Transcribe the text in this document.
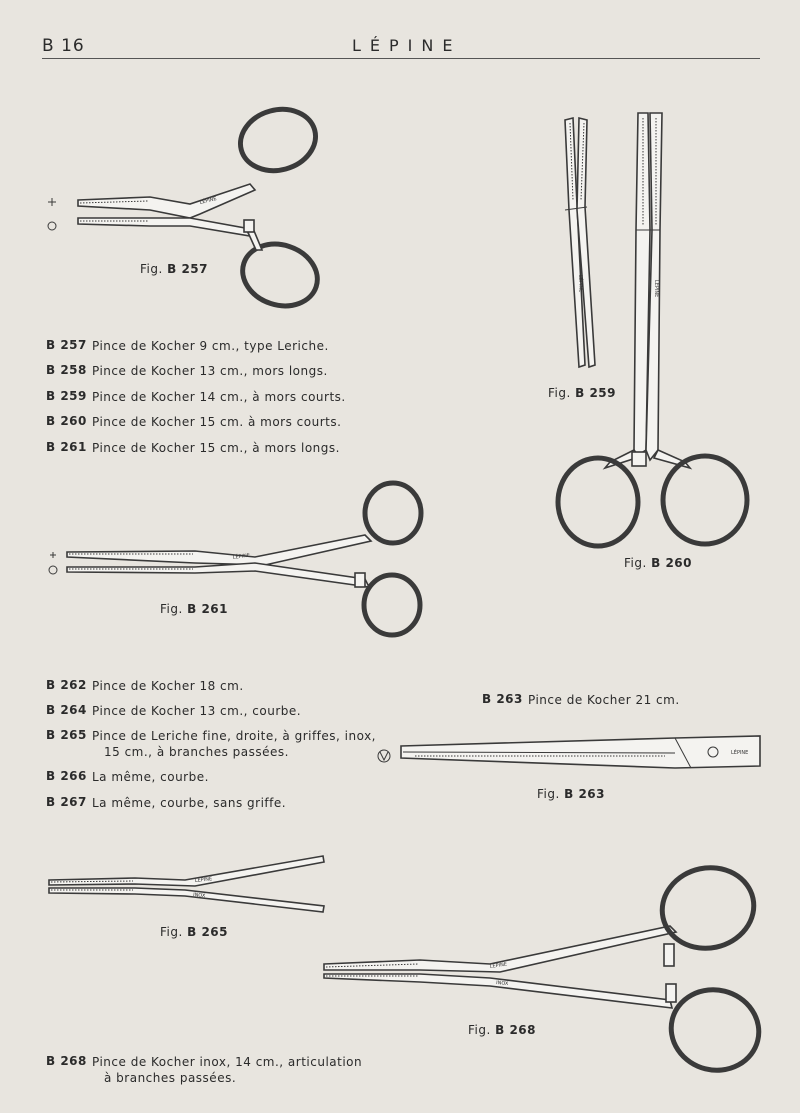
B 16	LÉPINE
LÉPINE
Fig. B 257
LÉPINE
Fig. B 259
LÉPINE
Fig. B 260
B 257 Pince de Kocher 9 cm., type Leriche.
B 258 Pince de Kocher 13 cm., mors longs.
B 259 Pince de Kocher 14 cm., à mors courts.
B 260 Pince de Kocher 15 cm. à mors courts.
B 261 Pince de Kocher 15 cm., à mors longs.
LÉPINE
Fig. B 261
B 262 Pince de Kocher 18 cm.
B 264 Pince de Kocher 13 cm., courbe.
B 265 Pince de Leriche fine, droite, à griffes, inox,
15 cm., à branches passées.
B 266 La même, courbe.
B 267 La même, courbe, sans griffe.
B 263 Pince de Kocher 21 cm.
LÉPINE
Fig. B 263
LÉPINE
INOX
Fig. B 265
LÉPINE
INOX
Fig. B 268
B 268 Pince de Kocher inox, 14 cm., articulation
à branches passées.
